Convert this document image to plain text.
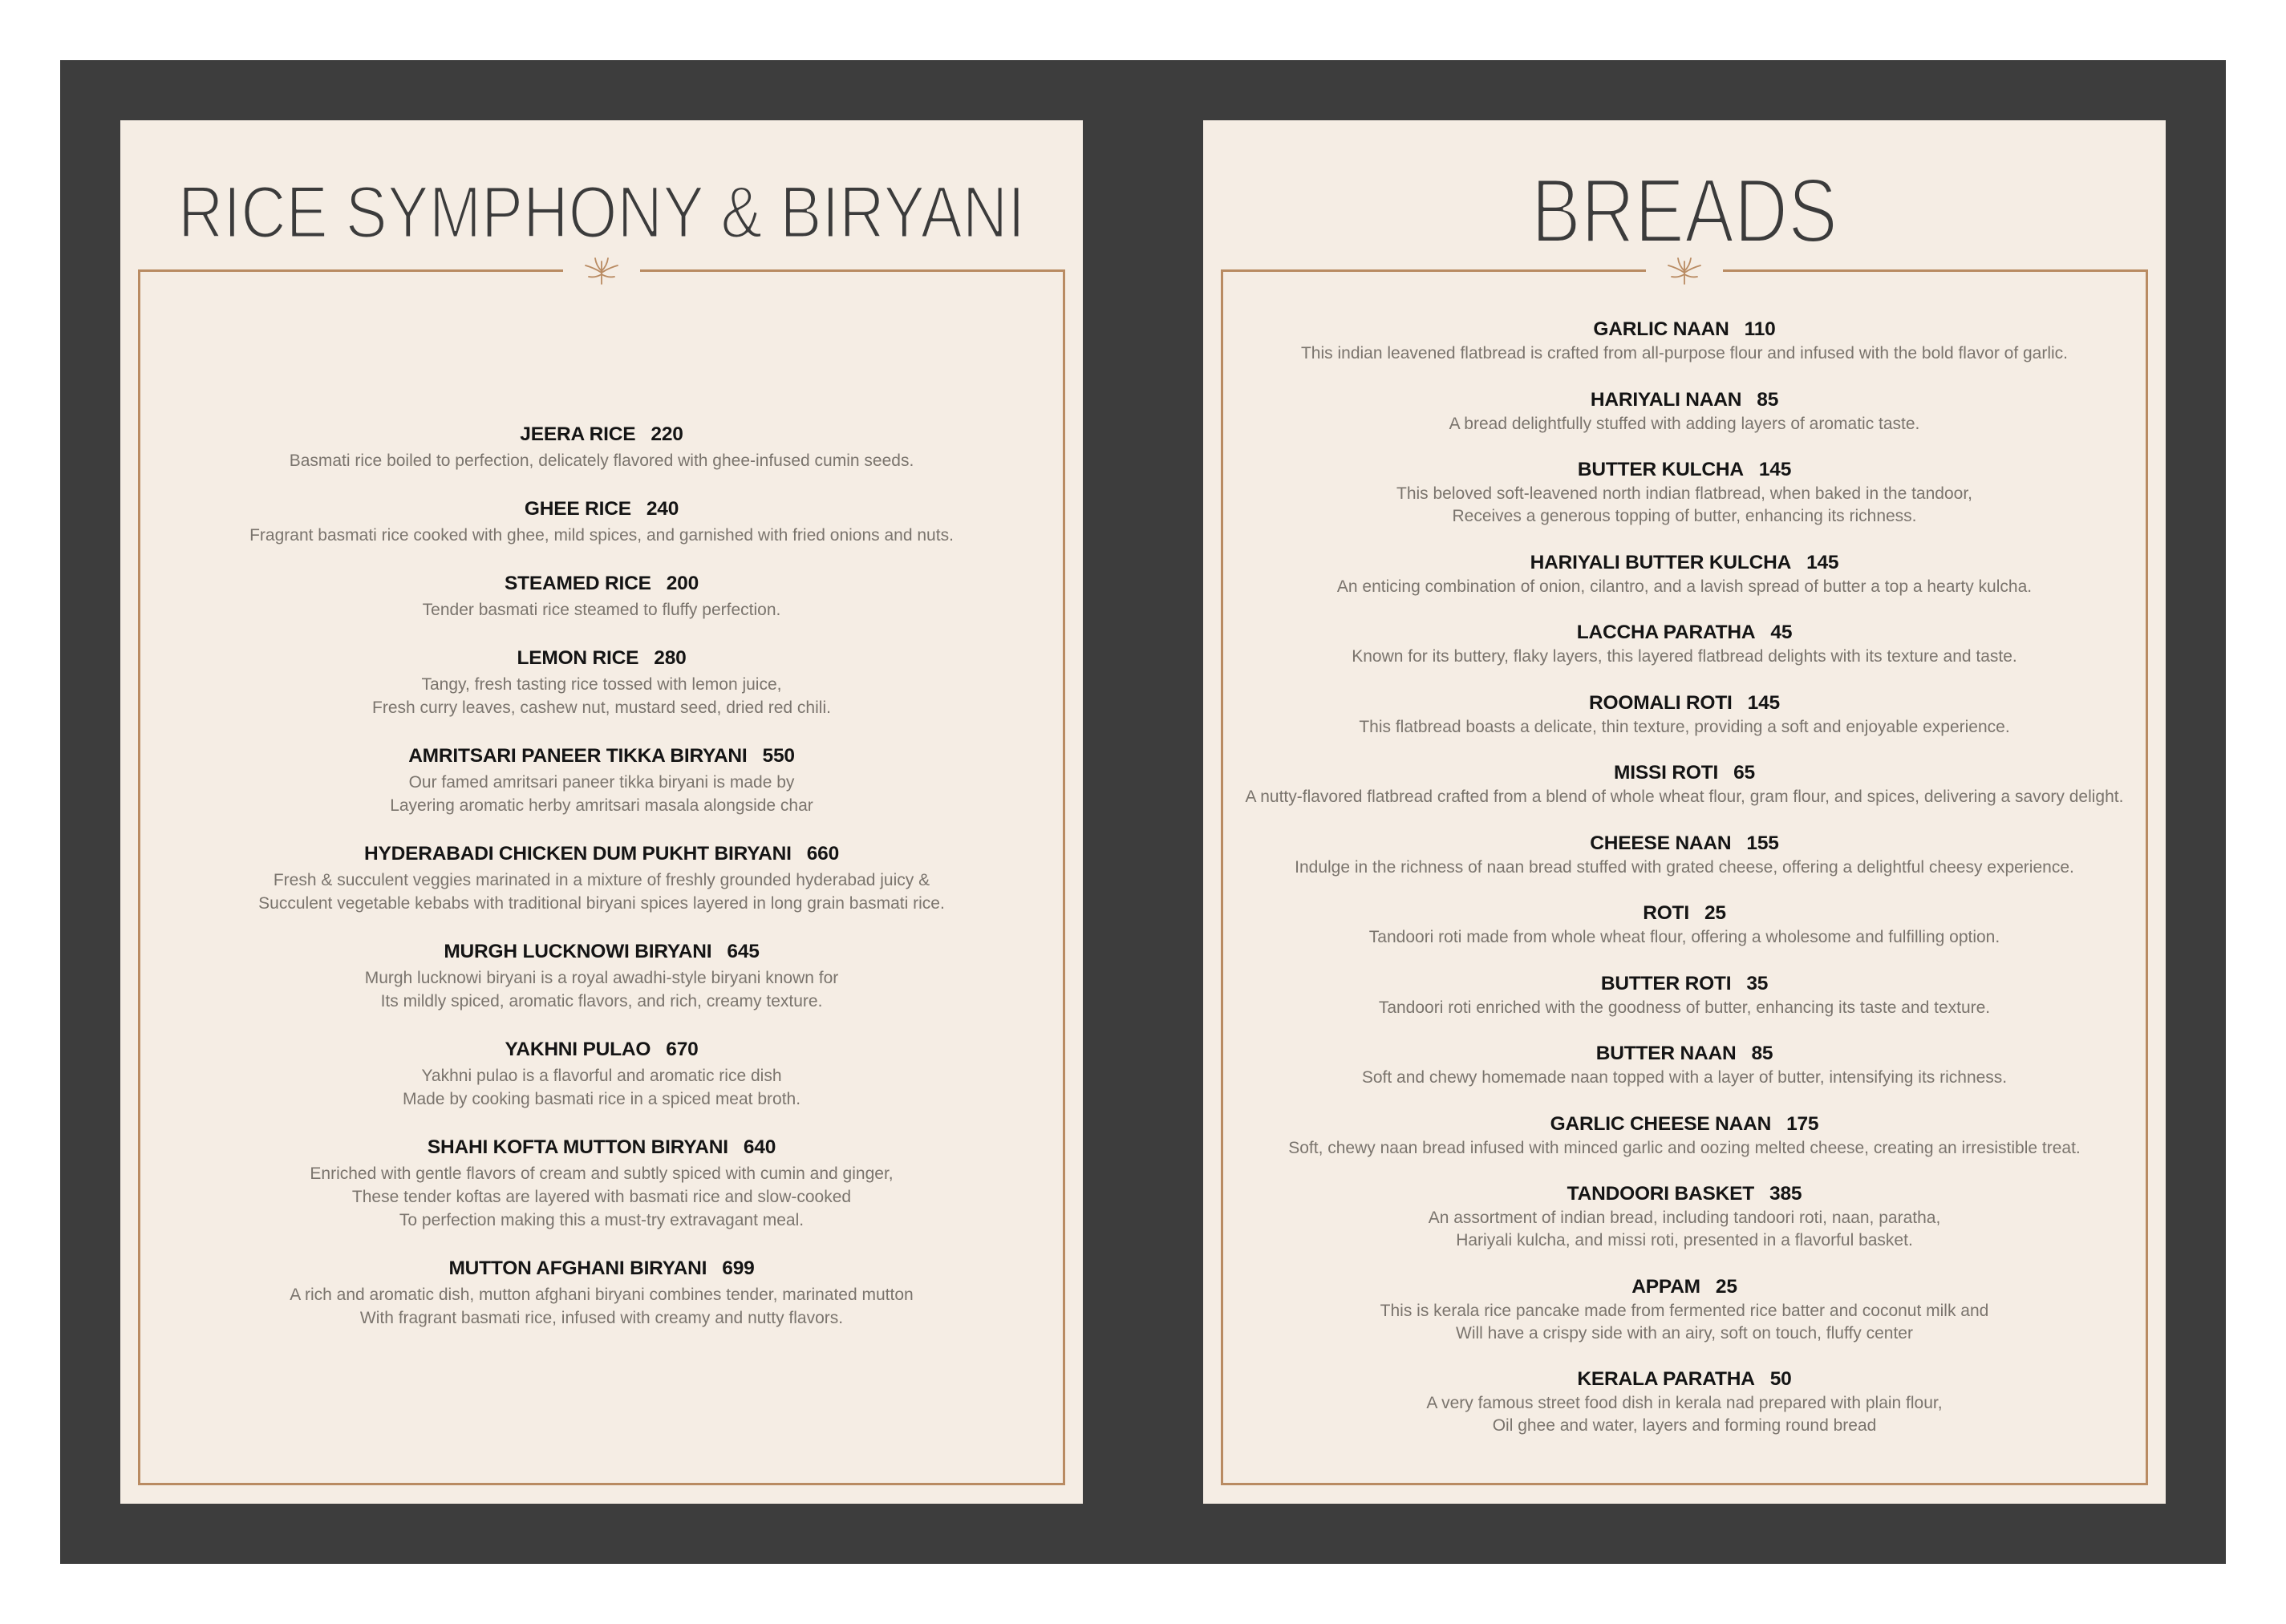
RICE SYMPHONY & BIRYANI
JEERA RICE 220
Basmati rice boiled to perfection, delicately flavored with ghee-infused cumin seeds.
GHEE RICE 240
Fragrant basmati rice cooked with ghee, mild spices, and garnished with fried onions and nuts.
STEAMED RICE 200
Tender basmati rice steamed to fluffy perfection.
LEMON RICE 280
Tangy, fresh tasting rice tossed with lemon juice,
Fresh curry leaves, cashew nut, mustard seed, dried red chili.
AMRITSARI PANEER TIKKA BIRYANI 550
Our famed amritsari paneer tikka biryani is made by
Layering aromatic herby amritsari masala alongside char
HYDERABADI CHICKEN DUM PUKHT BIRYANI 660
Fresh & succulent veggies marinated in a mixture of freshly grounded hyderabad juicy &
Succulent vegetable kebabs with traditional biryani spices layered in long grain basmati rice.
MURGH LUCKNOWI BIRYANI 645
Murgh lucknowi biryani is a royal awadhi-style biryani known for
Its mildly spiced, aromatic flavors, and rich, creamy texture.
YAKHNI PULAO 670
Yakhni pulao is a flavorful and aromatic rice dish
Made by cooking basmati rice in a spiced meat broth.
SHAHI KOFTA MUTTON BIRYANI 640
Enriched with gentle flavors of cream and subtly spiced with cumin and ginger,
These tender koftas are layered with basmati rice and slow-cooked
To perfection making this a must-try extravagant meal.
MUTTON AFGHANI BIRYANI 699
A rich and aromatic dish, mutton afghani biryani combines tender, marinated mutton
With fragrant basmati rice, infused with creamy and nutty flavors.
BREADS
GARLIC NAAN 110
This indian leavened flatbread is crafted from all-purpose flour and infused with the bold flavor of garlic.
HARIYALI NAAN 85
A bread delightfully stuffed with adding layers of aromatic taste.
BUTTER KULCHA 145
This beloved soft-leavened north indian flatbread, when baked in the tandoor,
Receives a generous topping of butter, enhancing its richness.
HARIYALI BUTTER KULCHA 145
An enticing combination of onion, cilantro, and a lavish spread of butter a top a hearty kulcha.
LACCHA PARATHA 45
Known for its buttery, flaky layers, this layered flatbread delights with its texture and taste.
ROOMALI ROTI 145
This flatbread boasts a delicate, thin texture, providing a soft and enjoyable experience.
MISSI ROTI 65
A nutty-flavored flatbread crafted from a blend of whole wheat flour, gram flour, and spices, delivering a savory delight.
CHEESE NAAN 155
Indulge in the richness of naan bread stuffed with grated cheese, offering a delightful cheesy experience.
ROTI 25
Tandoori roti made from whole wheat flour, offering a wholesome and fulfilling option.
BUTTER ROTI 35
Tandoori roti enriched with the goodness of butter, enhancing its taste and texture.
BUTTER NAAN 85
Soft and chewy homemade naan topped with a layer of butter, intensifying its richness.
GARLIC CHEESE NAAN 175
Soft, chewy naan bread infused with minced garlic and oozing melted cheese, creating an irresistible treat.
TANDOORI BASKET 385
An assortment of indian bread, including tandoori roti, naan, paratha,
Hariyali kulcha, and missi roti, presented in a flavorful basket.
APPAM 25
This is kerala rice pancake made from fermented rice batter and coconut milk and
Will have a crispy side with an airy, soft on touch, fluffy center
KERALA PARATHA 50
A very famous street food dish in kerala nad prepared with plain flour,
Oil ghee and water, layers and forming round bread
